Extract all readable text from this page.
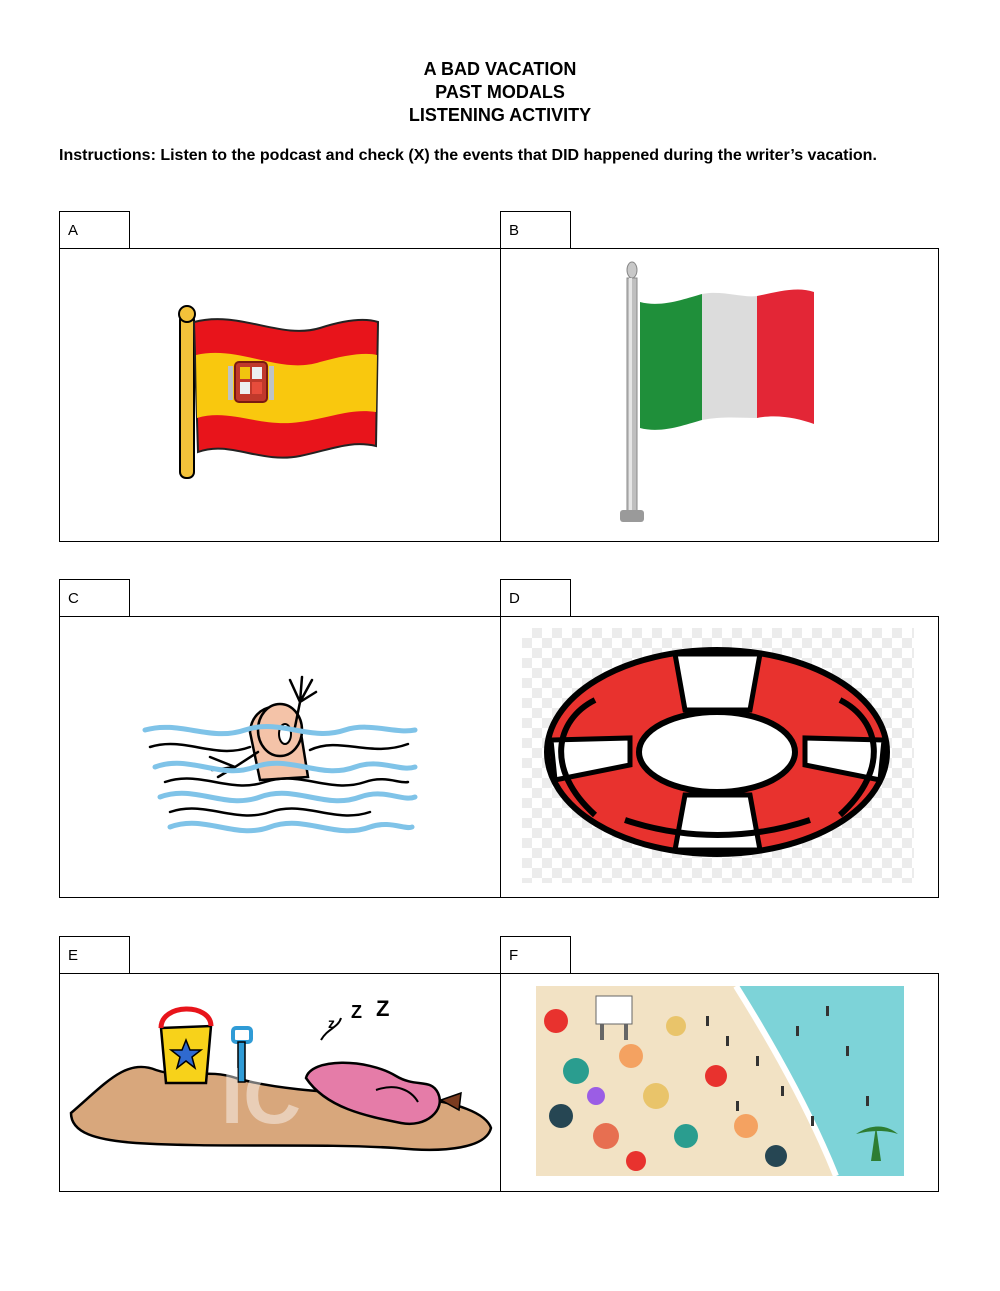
A BAD VACATION
PAST MODALS
LISTENING ACTIVITY
Instructions: Listen to the podcast and check (X) the events that DID happened during the writer’s vacation.
A	B
C	D
E	F
z
Z Z
IC
